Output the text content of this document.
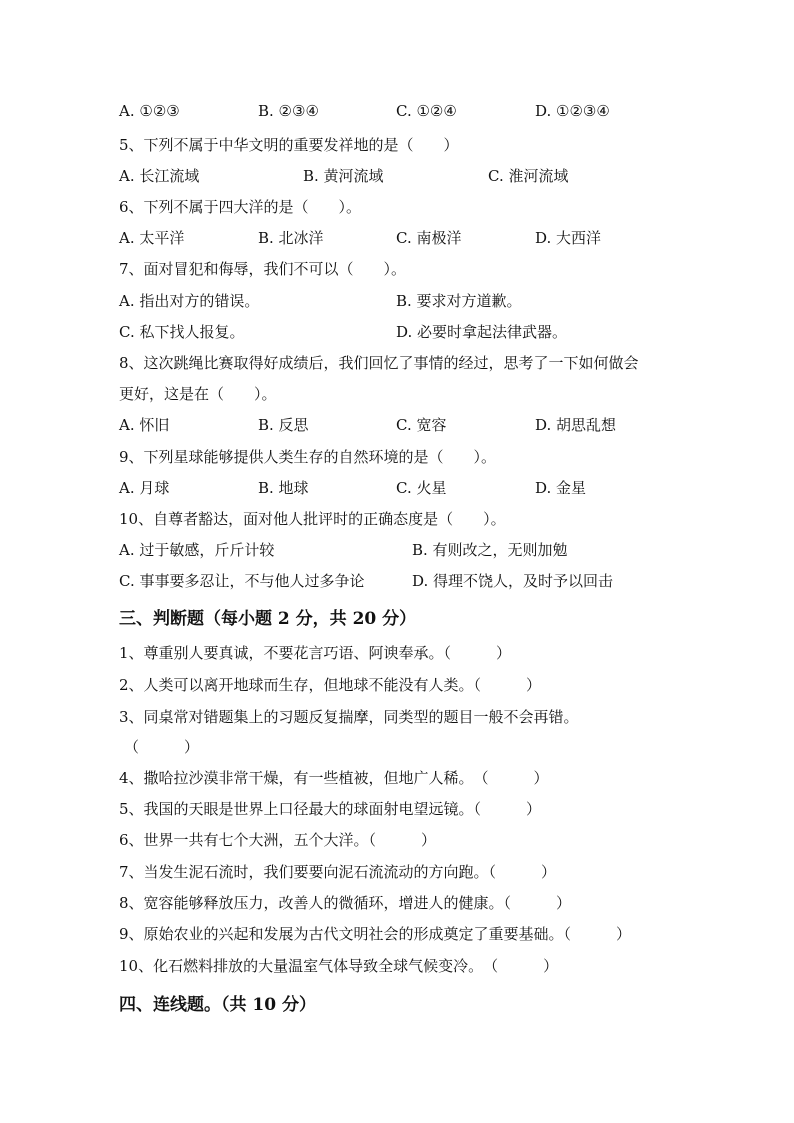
A. ①②③	B. ②③④	C. ①②④	D. ①②③④
5、下列不属于中华文明的重要发祥地的是（　　）
A. 长江流域	B. 黄河流域	C. 淮河流域
6、下列不属于四大洋的是（　　）。
A. 太平洋	B. 北冰洋	C. 南极洋	D. 大西洋
7、面对冒犯和侮辱，我们不可以（　　）。
A. 指出对方的错误。	B. 要求对方道歉。
C. 私下找人报复。	D. 必要时拿起法律武器。
8、这次跳绳比赛取得好成绩后，我们回忆了事情的经过，思考了一下如何做会
更好，这是在（　　）。
A. 怀旧	B. 反思	C. 宽容	D. 胡思乱想
9、下列星球能够提供人类生存的自然环境的是（　　）。
A. 月球	B. 地球	C. 火星	D. 金星
10、自尊者豁达，面对他人批评时的正确态度是（　　）。
A. 过于敏感，斤斤计较	B. 有则改之，无则加勉
C. 事事要多忍让，不与他人过多争论	D. 得理不饶人，及时予以回击
三、判断题（每小题 2 分，共 20 分）
1、尊重别人要真诚，不要花言巧语、阿谀奉承。（　　　）
2、人类可以离开地球而生存，但地球不能没有人类。（　　　）
3、同桌常对错题集上的习题反复揣摩，同类型的题目一般不会再错。
（　　　）
4、撒哈拉沙漠非常干燥，有一些植被，但地广人稀。　（　　　）
5、我国的天眼是世界上口径最大的球面射电望远镜。（　　　）
6、世界一共有七个大洲，五个大洋。（　　　）
7、当发生泥石流时，我们要要向泥石流流动的方向跑。（　　　）
8、宽容能够释放压力，改善人的微循环，增进人的健康。（　　　）
9、原始农业的兴起和发展为古代文明社会的形成奠定了重要基础。（　　　）
10、化石燃料排放的大量温室气体导致全球气候变冷。　（　　　）
四、连线题。（共 10 分）
